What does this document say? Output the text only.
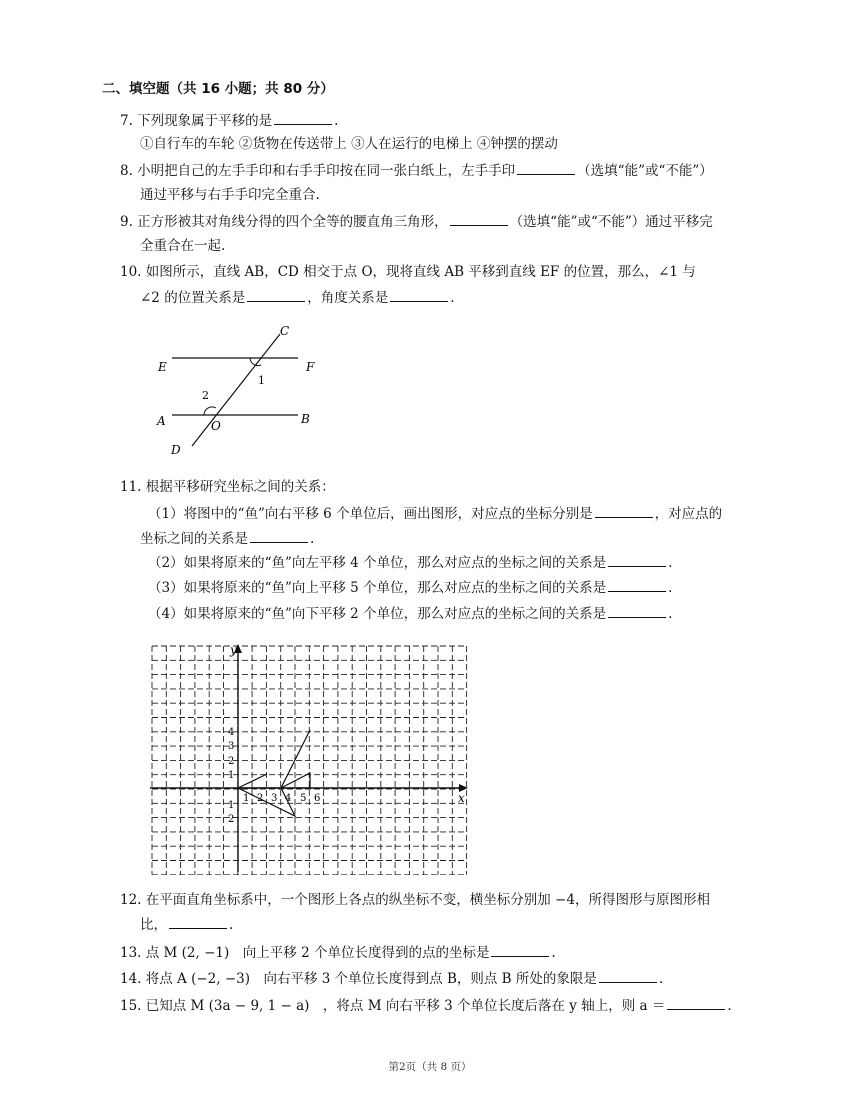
二、填空题（共 16 小题；共 80 分）
7. 下列现象属于平移的是	.
①自行车的车轮 ②货物在传送带上 ③人在运行的电梯上 ④钟摆的摆动
8. 小明把自己的左手手印和右手手印按在同一张白纸上，左手手印	（选填“能”或“不能”）
通过平移与右手手印完全重合.
9. 正方形被其对角线分得的四个全等的腰直角三角形，	（选填“能”或“不能”）通过平移完
全重合在一起.
10. 如图所示，直线 AB，CD 相交于点 O，现将直线 AB 平移到直线 EF 的位置，那么，∠1 与
∠2 的位置关系是	，角度关系是	.
C
E	F
1
2
A	B
O
D
11. 根据平移研究坐标之间的关系：
（1）将图中的“鱼”向右平移 6 个单位后，画出图形，对应点的坐标分别是	，对应点的
坐标之间的关系是	.
（2）如果将原来的“鱼”向左平移 4 个单位，那么对应点的坐标之间的关系是	.
（3）如果将原来的“鱼”向上平移 5 个单位，那么对应点的坐标之间的关系是	.
（4）如果将原来的“鱼”向下平移 2 个单位，那么对应点的坐标之间的关系是	.
y
x
1 2 3 4 5 6
1
2
3
4
1
2
12. 在平面直角坐标系中，一个图形上各点的纵坐标不变，横坐标分别加 −4，所得图形与原图形相
比，	.
13. 点 M (2, −1)　向上平移 2 个单位长度得到的点的坐标是	.
14. 将点 A (−2, −3)　向右平移 3 个单位长度得到点 B，则点 B 所处的象限是	.
15. 已知点 M (3a − 9, 1 − a)　，将点 M 向右平移 3 个单位长度后落在 y 轴上，则 a ＝	.
第2页（共 8 页）
